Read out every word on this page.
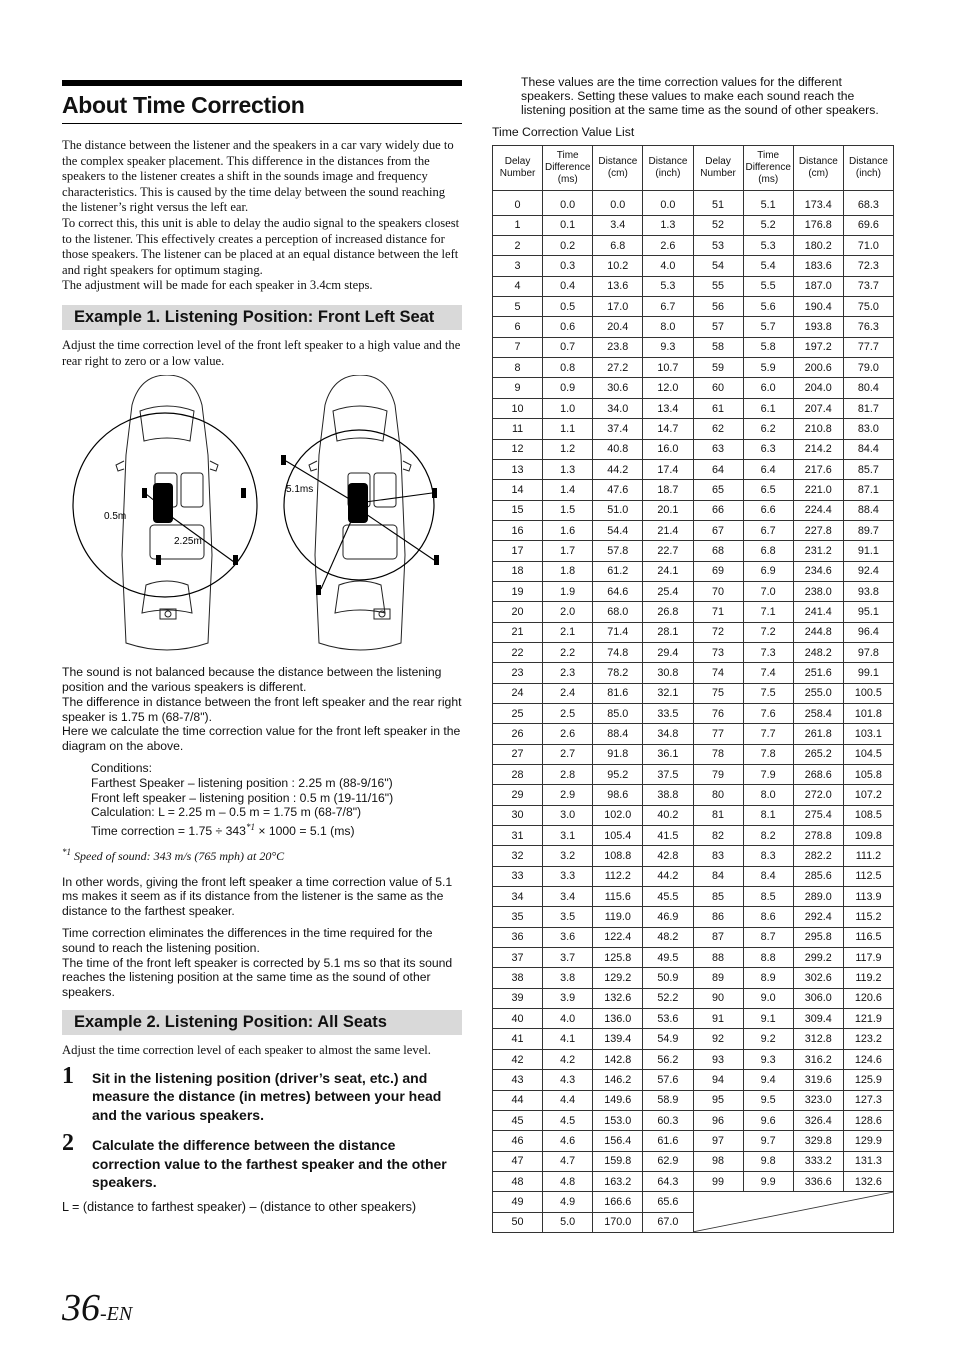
About Time Correction

The distance between the listener and the speakers in a car vary widely due to the complex speaker placement. This difference in the distances from the speakers to the listener creates a shift in the sounds image and frequency characteristics. This is caused by the time delay between the sound reaching the listener’s right versus the left ear.

To correct this, this unit is able to delay the audio signal to the speakers closest to the listener. This effectively creates a perception of increased distance for those speakers. The listener can be placed at an equal distance between the left and right speakers for optimum staging.

The adjustment will be made for each speaker in 3.4cm steps.

Example 1. Listening Position: Front Left Seat

Adjust the time correction level of the front left speaker to a high value and the rear right to zero or a low value.

0.5m
2.25m
5.1ms

The sound is not balanced because the distance between the listening position and the various speakers is different.

The difference in distance between the front left speaker and the rear right speaker is 1.75 m (68-7/8").

Here we calculate the time correction value for the front left speaker in the diagram on the above.

Conditions:

Farthest Speaker – listening position : 2.25 m (88-9/16")

Front left speaker – listening position : 0.5 m (19-11/16")

Calculation: L = 2.25 m – 0.5 m = 1.75 m (68-7/8")

Time correction = $1.75 \div 343^{*1} \times 1000 = 5.1$ (ms)

$^{*1}$ Speed of sound: 343 m/s (765 mph) at 20°C

In other words, giving the front left speaker a time correction value of 5.1 ms makes it seem as if its distance from the listener is the same as the distance to the farthest speaker.

Time correction eliminates the differences in the time required for the sound to reach the listening position.

The time of the front left speaker is corrected by 5.1 ms so that its sound reaches the listening position at the same time as the sound of other speakers.

Example 2. Listening Position: All Seats

Adjust the time correction level of each speaker to almost the same level.

1 Sit in the listening position (driver’s seat, etc.) and measure the distance (in metres) between your head and the various speakers.
2 Calculate the difference between the distance correction value to the farthest speaker and the other speakers.

L = (distance to farthest speaker) – (distance to other speakers)

36-EN

These values are the time correction values for the different speakers. Setting these values to make each sound reach the listening position at the same time as the sound of other speakers.

Time Correction Value List
Delay Number	Time Difference (ms)	Distance (cm)	Distance (inch)	Delay Number	Time Difference (ms)	Distance (cm)	Distance (inch)
0	0.0	0.0	0.0	51	5.1	173.4	68.3
1	0.1	3.4	1.3	52	5.2	176.8	69.6
2	0.2	6.8	2.6	53	5.3	180.2	71.0
3	0.3	10.2	4.0	54	5.4	183.6	72.3
4	0.4	13.6	5.3	55	5.5	187.0	73.7
5	0.5	17.0	6.7	56	5.6	190.4	75.0
6	0.6	20.4	8.0	57	5.7	193.8	76.3
7	0.7	23.8	9.3	58	5.8	197.2	77.7
8	0.8	27.2	10.7	59	5.9	200.6	79.0
9	0.9	30.6	12.0	60	6.0	204.0	80.4
10	1.0	34.0	13.4	61	6.1	207.4	81.7
11	1.1	37.4	14.7	62	6.2	210.8	83.0
12	1.2	40.8	16.0	63	6.3	214.2	84.4
13	1.3	44.2	17.4	64	6.4	217.6	85.7
14	1.4	47.6	18.7	65	6.5	221.0	87.1
15	1.5	51.0	20.1	66	6.6	224.4	88.4
16	1.6	54.4	21.4	67	6.7	227.8	89.7
17	1.7	57.8	22.7	68	6.8	231.2	91.1
18	1.8	61.2	24.1	69	6.9	234.6	92.4
19	1.9	64.6	25.4	70	7.0	238.0	93.8
20	2.0	68.0	26.8	71	7.1	241.4	95.1
21	2.1	71.4	28.1	72	7.2	244.8	96.4
22	2.2	74.8	29.4	73	7.3	248.2	97.8
23	2.3	78.2	30.8	74	7.4	251.6	99.1
24	2.4	81.6	32.1	75	7.5	255.0	100.5
25	2.5	85.0	33.5	76	7.6	258.4	101.8
26	2.6	88.4	34.8	77	7.7	261.8	103.1
27	2.7	91.8	36.1	78	7.8	265.2	104.5
28	2.8	95.2	37.5	79	7.9	268.6	105.8
29	2.9	98.6	38.8	80	8.0	272.0	107.2
30	3.0	102.0	40.2	81	8.1	275.4	108.5
31	3.1	105.4	41.5	82	8.2	278.8	109.8
32	3.2	108.8	42.8	83	8.3	282.2	111.2
33	3.3	112.2	44.2	84	8.4	285.6	112.5
34	3.4	115.6	45.5	85	8.5	289.0	113.9
35	3.5	119.0	46.9	86	8.6	292.4	115.2
36	3.6	122.4	48.2	87	8.7	295.8	116.5
37	3.7	125.8	49.5	88	8.8	299.2	117.9
38	3.8	129.2	50.9	89	8.9	302.6	119.2
39	3.9	132.6	52.2	90	9.0	306.0	120.6
40	4.0	136.0	53.6	91	9.1	309.4	121.9
41	4.1	139.4	54.9	92	9.2	312.8	123.2
42	4.2	142.8	56.2	93	9.3	316.2	124.6
43	4.3	146.2	57.6	94	9.4	319.6	125.9
44	4.4	149.6	58.9	95	9.5	323.0	127.3
45	4.5	153.0	60.3	96	9.6	326.4	128.6
46	4.6	156.4	61.6	97	9.7	329.8	129.9
47	4.7	159.8	62.9	98	9.8	333.2	131.3
48	4.8	163.2	64.3	99	9.9	336.6	132.6
49	4.9	166.6	65.6	

50	5.0	170.0	67.0				
